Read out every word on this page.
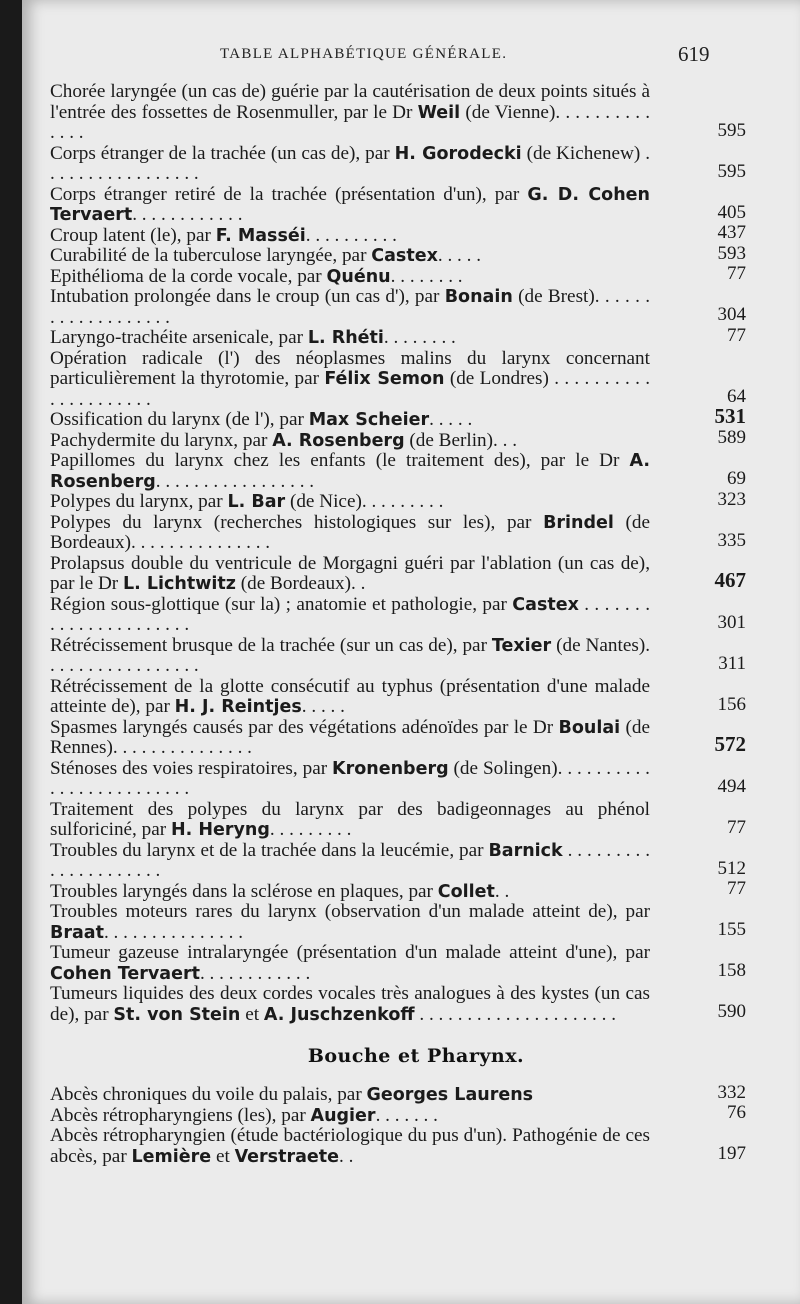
TABLE ALPHABÉTIQUE GÉNÉRALE.	619

Chorée laryngée (un cas de) guérie par la cautérisation de deux points situés à l'entrée des fossettes de Rosenmuller, par le Dr Weil (de Vienne). . . . . . . . . . . . . .	595

Corps étranger de la trachée (un cas de), par H. Gorodecki (de Kichenew) . . . . . . . . . . . . . . . . .	595

Corps étranger retiré de la trachée (présentation d'un), par G. D. Cohen Tervaert. . . . . . . . . . . .	405

Croup latent (le), par F. Masséi. . . . . . . . . .	437

Curabilité de la tuberculose laryngée, par Castex. . . . .	593

Epithélioma de la corde vocale, par Quénu. . . . . . . .	77

Intubation prolongée dans le croup (un cas d'), par Bonain (de Brest). . . . . . . . . . . . . . . . . . .	304

Laryngo-trachéite arsenicale, par L. Rhéti. . . . . . . .	77

Opération radicale (l') des néoplasmes malins du larynx concernant particulièrement la thyrotomie, par Félix Semon (de Londres) . . . . . . . . . . . . . . . . . . . . .	64

Ossification du larynx (de l'), par Max Scheier. . . . .	531

Pachydermite du larynx, par A. Rosenberg (de Berlin). . .	589

Papillomes du larynx chez les enfants (le traitement des), par le Dr A. Rosenberg. . . . . . . . . . . . . . . . .	69

Polypes du larynx, par L. Bar (de Nice). . . . . . . . .	323

Polypes du larynx (recherches histologiques sur les), par Brindel (de Bordeaux). . . . . . . . . . . . . . .	335

Prolapsus double du ventricule de Morgagni guéri par l'ablation (un cas de), par le Dr L. Lichtwitz (de Bordeaux). .	467

Région sous-glottique (sur la) ; anatomie et pathologie, par Castex . . . . . . . . . . . . . . . . . . . . . .	301

Rétrécissement brusque de la trachée (sur un cas de), par Texier (de Nantes). . . . . . . . . . . . . . . . .	311

Rétrécissement de la glotte consécutif au typhus (présentation d'une malade atteinte de), par H. J. Reintjes. . . . .	156

Spasmes laryngés causés par des végétations adénoïdes par le Dr Boulai (de Rennes). . . . . . . . . . . . . . .	572

Sténoses des voies respiratoires, par Kronenberg (de Solingen). . . . . . . . . . . . . . . . . . . . . . . . .	494

Traitement des polypes du larynx par des badigeonnages au phénol sulforiciné, par H. Heryng. . . . . . . . .	77

Troubles du larynx et de la trachée dans la leucémie, par Barnick . . . . . . . . . . . . . . . . . . . . .	512

Troubles laryngés dans la sclérose en plaques, par Collet. .	77

Troubles moteurs rares du larynx (observation d'un malade atteint de), par Braat. . . . . . . . . . . . . . .	155

Tumeur gazeuse intralaryngée (présentation d'un malade atteint d'une), par Cohen Tervaert. . . . . . . . . . . .	158

Tumeurs liquides des deux cordes vocales très analogues à des kystes (un cas de), par St. von Stein et A. Juschzenkoff . . . . . . . . . . . . . . . . . . . . .	590
Bouche et Pharynx.

Abcès chroniques du voile du palais, par Georges Laurens	332

Abcès rétropharyngiens (les), par Augier. . . . . . .	76

Abcès rétropharyngien (étude bactériologique du pus d'un). Pathogénie de ces abcès, par Lemière et Verstraete. .	197
